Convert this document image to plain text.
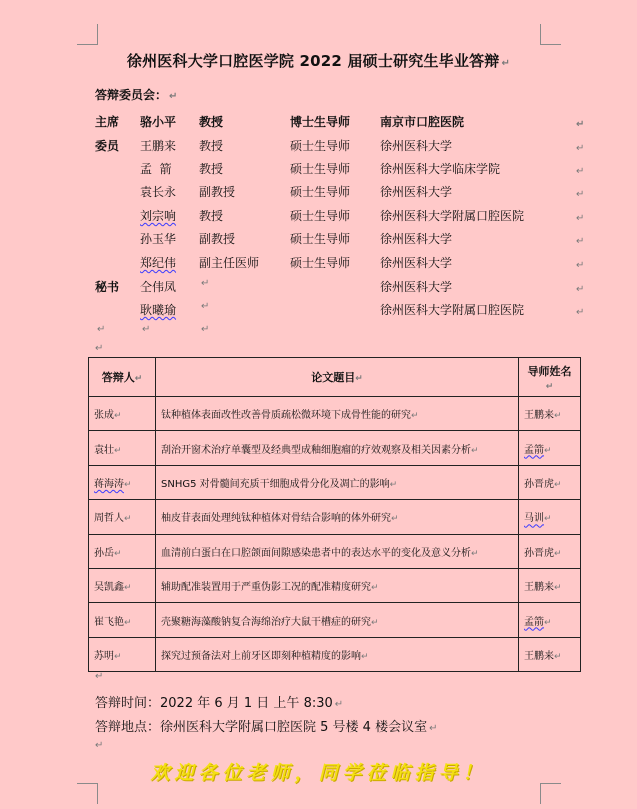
徐州医科大学口腔医学院 2022 届硕士研究生毕业答辩 ↵
答辩委员会： ↵
主席 骆小平 教授	博士生导师 南京市口腔医院	↵
委员 王鹏来 教授	硕士生导师 徐州医科大学	↵
孟  箭 教授	硕士生导师 徐州医科大学临床学院	↵
袁长永 副教授	硕士生导师 徐州医科大学	↵
刘宗响 教授	硕士生导师 徐州医科大学附属口腔医院	↵
孙玉华 副教授	硕士生导师 徐州医科大学	↵
郑纪伟 副主任医师	硕士生导师 徐州医科大学	↵
秘书 仝伟凤 ↵	徐州医科大学	↵
耿曦瑜 ↵	徐州医科大学附属口腔医院	↵
↵	↵	↵
↵
答辩人↵	论文题目↵	导师姓名↵
张成↵	钛种植体表面改性改善骨质疏松微环境下成骨性能的研究↵	王鹏来↵
袁壮↵	刮治开窗术治疗单囊型及经典型成釉细胞瘤的疗效观察及相关因素分析↵	孟箭↵
蒋海涛↵	SNHG5 对骨髓间充质干细胞成骨分化及凋亡的影响↵	孙晋虎↵
周哲人↵	柚皮苷表面处理纯钛种植体对骨结合影响的体外研究↵	马训↵
孙岳↵	血清前白蛋白在口腔颌面间隙感染患者中的表达水平的变化及意义分析↵	孙晋虎↵
吴凯鑫↵	辅助配准装置用于严重伪影工况的配准精度研究↵	王鹏来↵
崔飞艳↵	壳聚糖海藻酸钠复合海绵治疗大鼠干槽症的研究↵	孟箭↵
苏明↵	探究过预备法对上前牙区即刻种植精度的影响↵	王鹏来↵
↵
答辩时间：2022 年 6 月 1 日 上午 8:30 ↵
答辩地点：徐州医科大学附属口腔医院 5 号楼 4 楼会议室 ↵
↵
欢迎各位老师，同学莅临指导！
